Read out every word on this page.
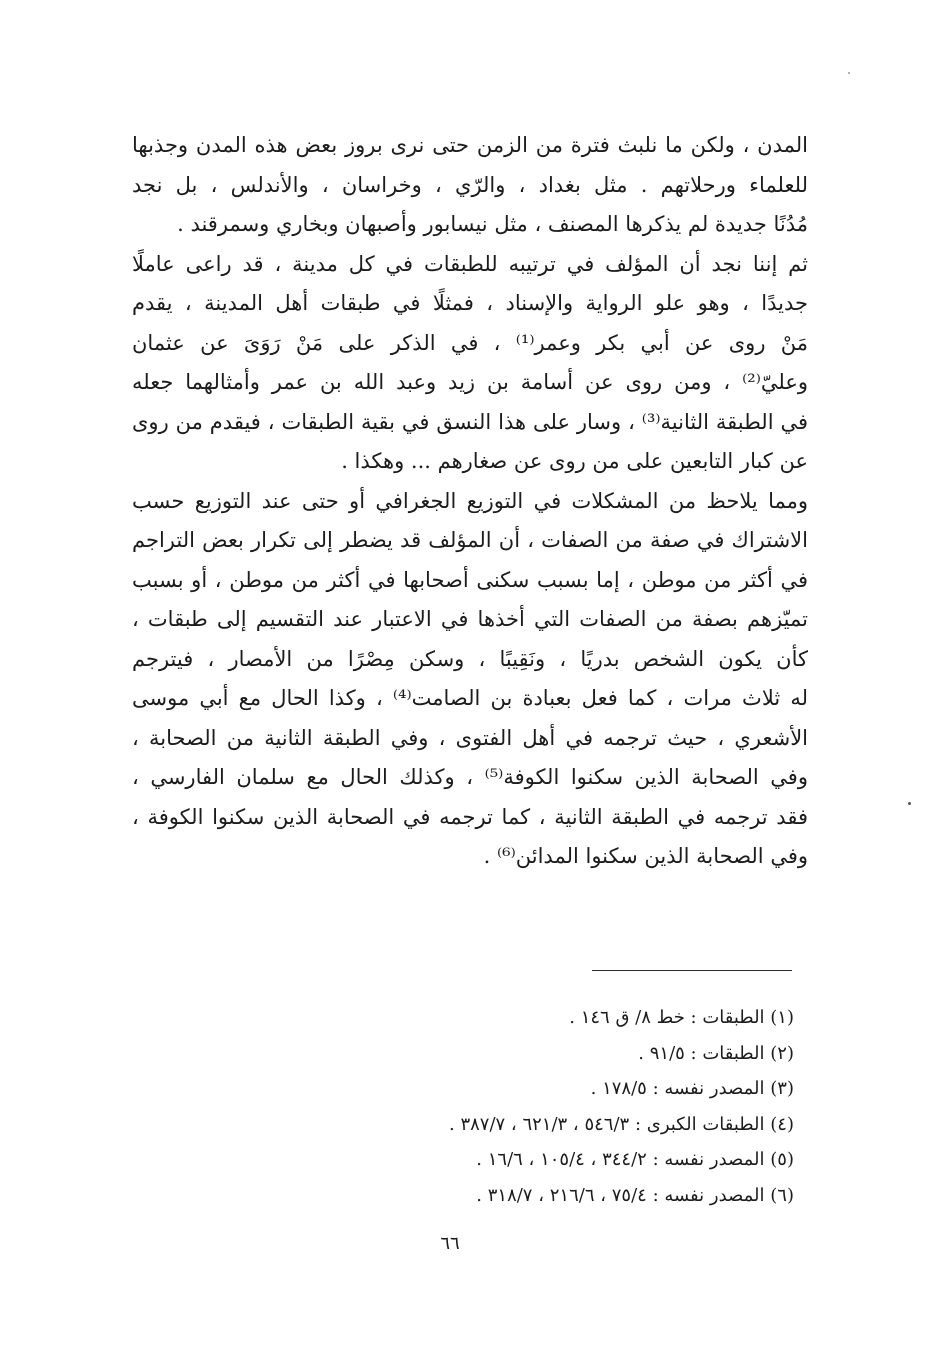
المدن ، ولكن ما نلبث فترة من الزمن حتى نرى بروز بعض هذه المدن وجذبها
للعلماء ورحلاتهم . مثل بغداد ، والرّي ، وخراسان ، والأندلس ، بل نجد
مُدُنًا جديدة لم يذكرها المصنف ، مثل نيسابور وأصبهان وبخاري وسمرقند .
ثم إننا نجد أن المؤلف في ترتيبه للطبقات في كل مدينة ، قد راعى عاملًا
جديدًا ، وهو علو الرواية والإسناد ، فمثلًا في طبقات أهل المدينة ، يقدم
مَنْ روى عن أبي بكر وعمر⁽¹⁾ ، في الذكر على مَنْ رَوَىَ عن عثمان
وعليّ⁽²⁾ ، ومن روى عن أسامة بن زيد وعبد الله بن عمر وأمثالهما جعله
في الطبقة الثانية⁽³⁾ ، وسار على هذا النسق في بقية الطبقات ، فيقدم من روى
عن كبار التابعين على من روى عن صغارهم ... وهكذا .
ومما يلاحظ من المشكلات في التوزيع الجغرافي أو حتى عند التوزيع حسب
الاشتراك في صفة من الصفات ، أن المؤلف قد يضطر إلى تكرار بعض التراجم
في أكثر من موطن ، إما بسبب سكنى أصحابها في أكثر من موطن ، أو بسبب
تميّزهم بصفة من الصفات التي أخذها في الاعتبار عند التقسيم إلى طبقات ،
كأن يكون الشخص بدريًا ، ونَقِيبًا ، وسكن مِصْرًا من الأمصار ، فيترجم
له ثلاث مرات ، كما فعل بعبادة بن الصامت⁽⁴⁾ ، وكذا الحال مع أبي موسى
الأشعري ، حيث ترجمه في أهل الفتوى ، وفي الطبقة الثانية من الصحابة ،
وفي الصحابة الذين سكنوا الكوفة⁽⁵⁾ ، وكذلك الحال مع سلمان الفارسي ،
فقد ترجمه في الطبقة الثانية ، كما ترجمه في الصحابة الذين سكنوا الكوفة ،
وفي الصحابة الذين سكنوا المدائن⁽⁶⁾ .
(١) الطبقات : خط ٨/ ق ١٤٦ .
(٢) الطبقات : ٩١/٥ .
(٣) المصدر نفسه : ١٧٨/٥ .
(٤) الطبقات الكبرى : ٥٤٦/٣ ، ٦٢١/٣ ، ٣٨٧/٧ .
(٥) المصدر نفسه : ٣٤٤/٢ ، ١٠٥/٤ ، ١٦/٦ .
(٦) المصدر نفسه : ٧٥/٤ ، ٢١٦/٦ ، ٣١٨/٧ .
٦٦
